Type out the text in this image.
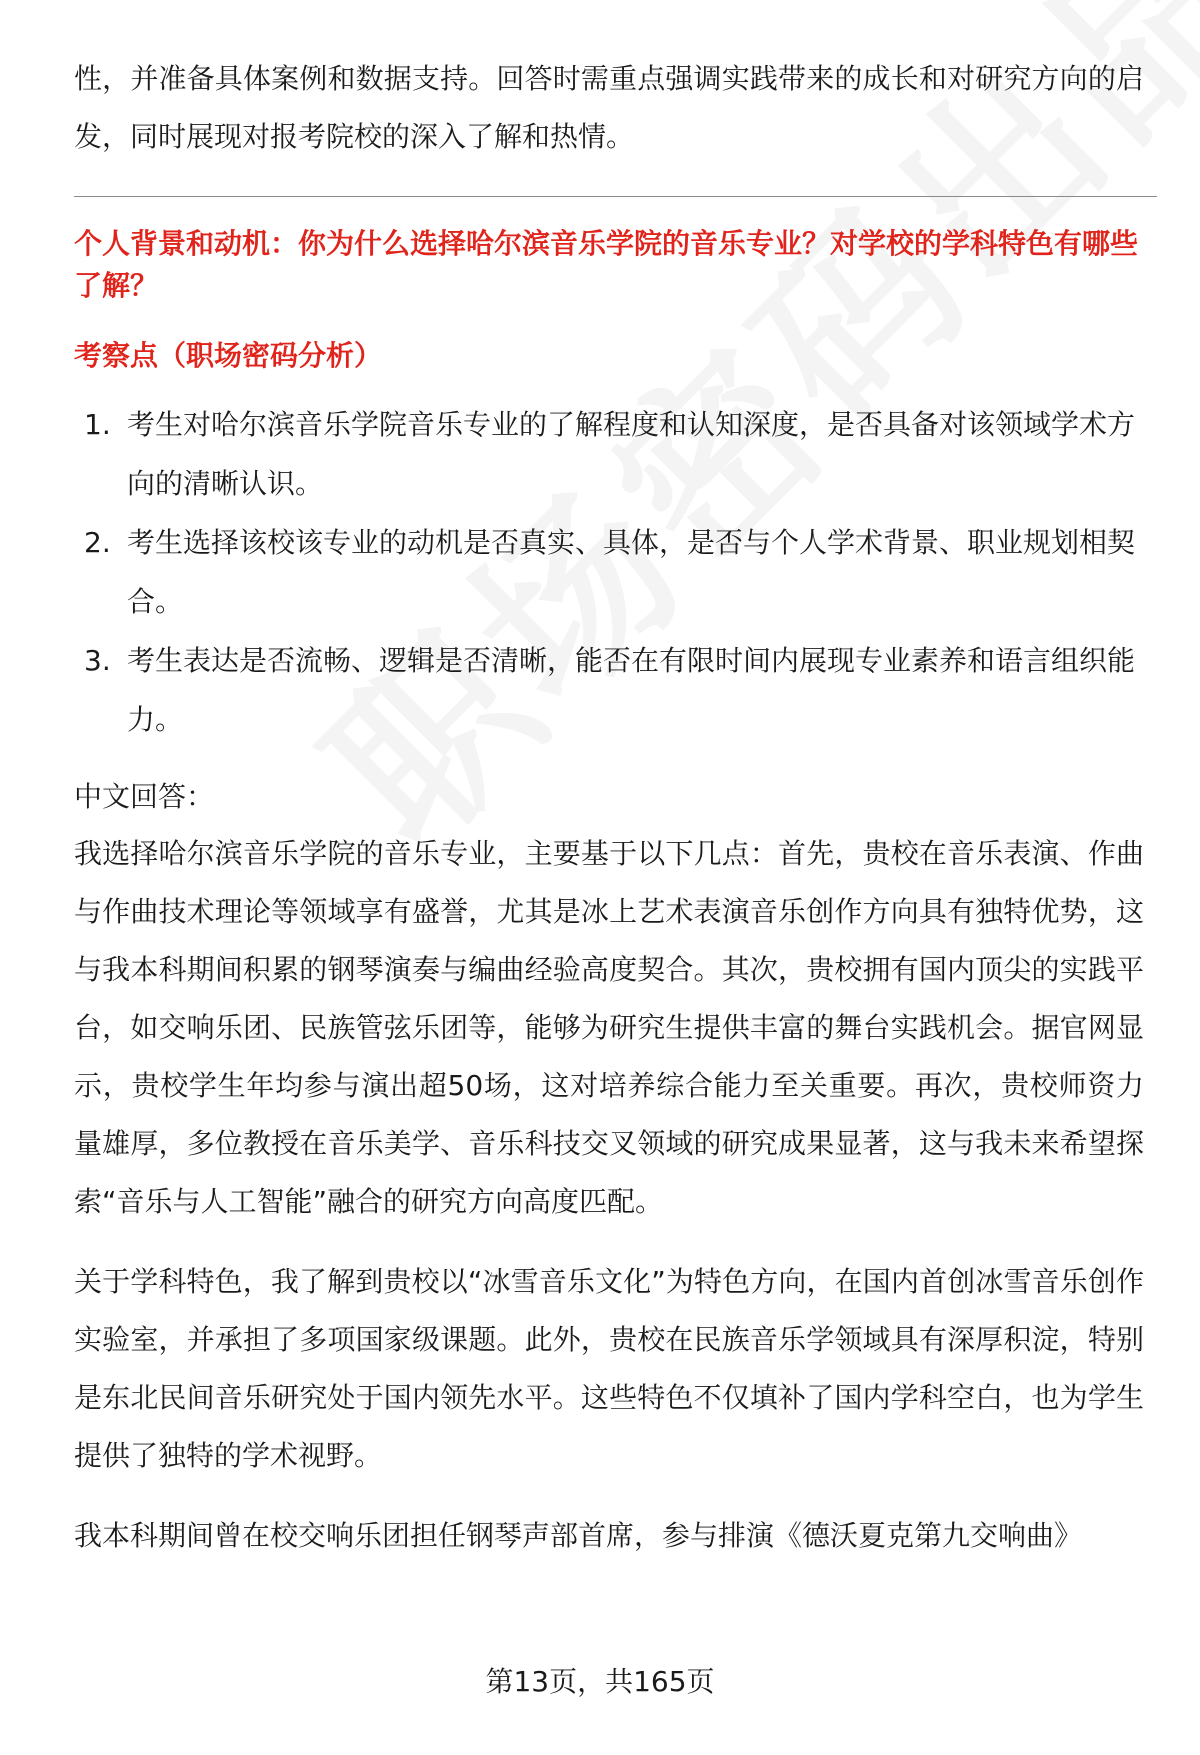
性，并准备具体案例和数据支持。回答时需重点强调实践带来的成长和对研究方向的启发，同时展现对报考院校的深入了解和热情。

个人背景和动机：你为什么选择哈尔滨音乐学院的音乐专业？对学校的学科特色有哪些了解？

考察点（职场密码分析）

1. 考生对哈尔滨音乐学院音乐专业的了解程度和认知深度，是否具备对该领域学术方向的清晰认识。
2. 考生选择该校该专业的动机是否真实、具体，是否与个人学术背景、职业规划相契合。
3. 考生表达是否流畅、逻辑是否清晰，能否在有限时间内展现专业素养和语言组织能力。

中文回答：

我选择哈尔滨音乐学院的音乐专业，主要基于以下几点：首先，贵校在音乐表演、作曲与作曲技术理论等领域享有盛誉，尤其是冰上艺术表演音乐创作方向具有独特优势，这与我本科期间积累的钢琴演奏与编曲经验高度契合。其次，贵校拥有国内顶尖的实践平台，如交响乐团、民族管弦乐团等，能够为研究生提供丰富的舞台实践机会。据官网显示，贵校学生年均参与演出超50场，这对培养综合能力至关重要。再次，贵校师资力量雄厚，多位教授在音乐美学、音乐科技交叉领域的研究成果显著，这与我未来希望探索“音乐与人工智能”融合的研究方向高度匹配。

关于学科特色，我了解到贵校以“冰雪音乐文化”为特色方向，在国内首创冰雪音乐创作实验室，并承担了多项国家级课题。此外，贵校在民族音乐学领域具有深厚积淀，特别是东北民间音乐研究处于国内领先水平。这些特色不仅填补了国内学科空白，也为学生提供了独特的学术视野。

我本科期间曾在校交响乐团担任钢琴声部首席，参与排演《德沃夏克第九交响曲》

第13页，共165页
